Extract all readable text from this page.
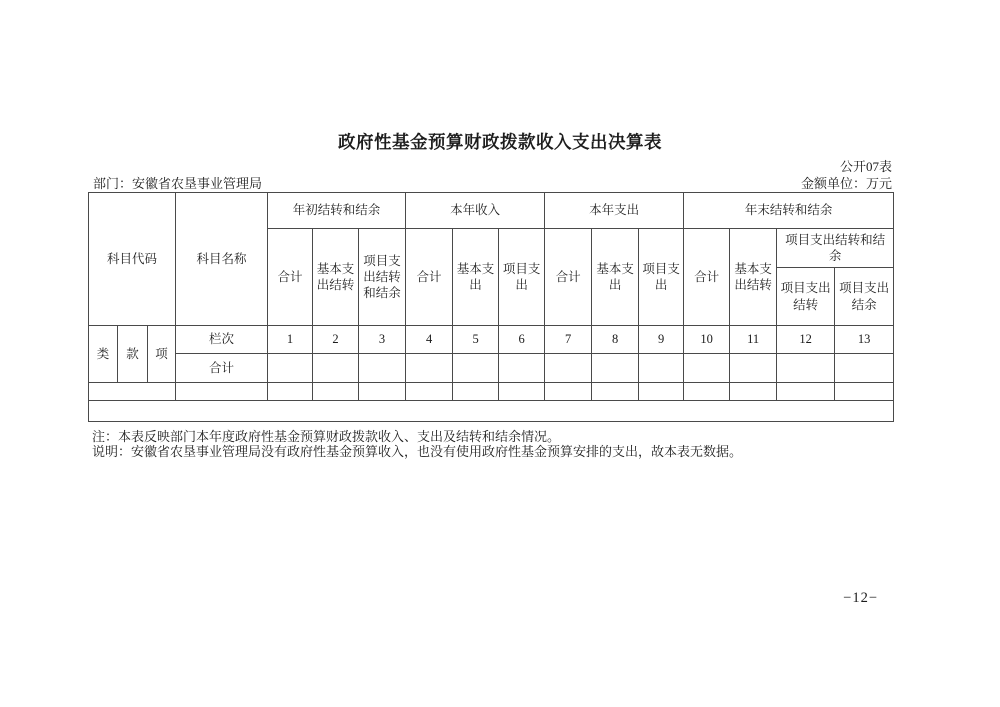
政府性基金预算财政拨款收入支出决算表
公开07表
部门：安徽省农垦事业管理局	金额单位：万元
科目代码			科目名称	年初结转和结余			本年收入			本年支出			年末结转和结余			
				合计	基本支出结转	项目支出结转和结余	合计	基本支出	项目支出	合计	基本支出	项目支出	合计	基本支出结转	项目支出结转和结余	
															项目支出结转	项目支出结余
类	款	项	栏次	1	2	3	4	5	6	7	8	9	10	11	12	13
			合计													

注：本表反映部门本年度政府性基金预算财政拨款收入、支出及结转和结余情况。
说明：安徽省农垦事业管理局没有政府性基金预算收入，也没有使用政府性基金预算安排的支出，故本表无数据。
−12−
